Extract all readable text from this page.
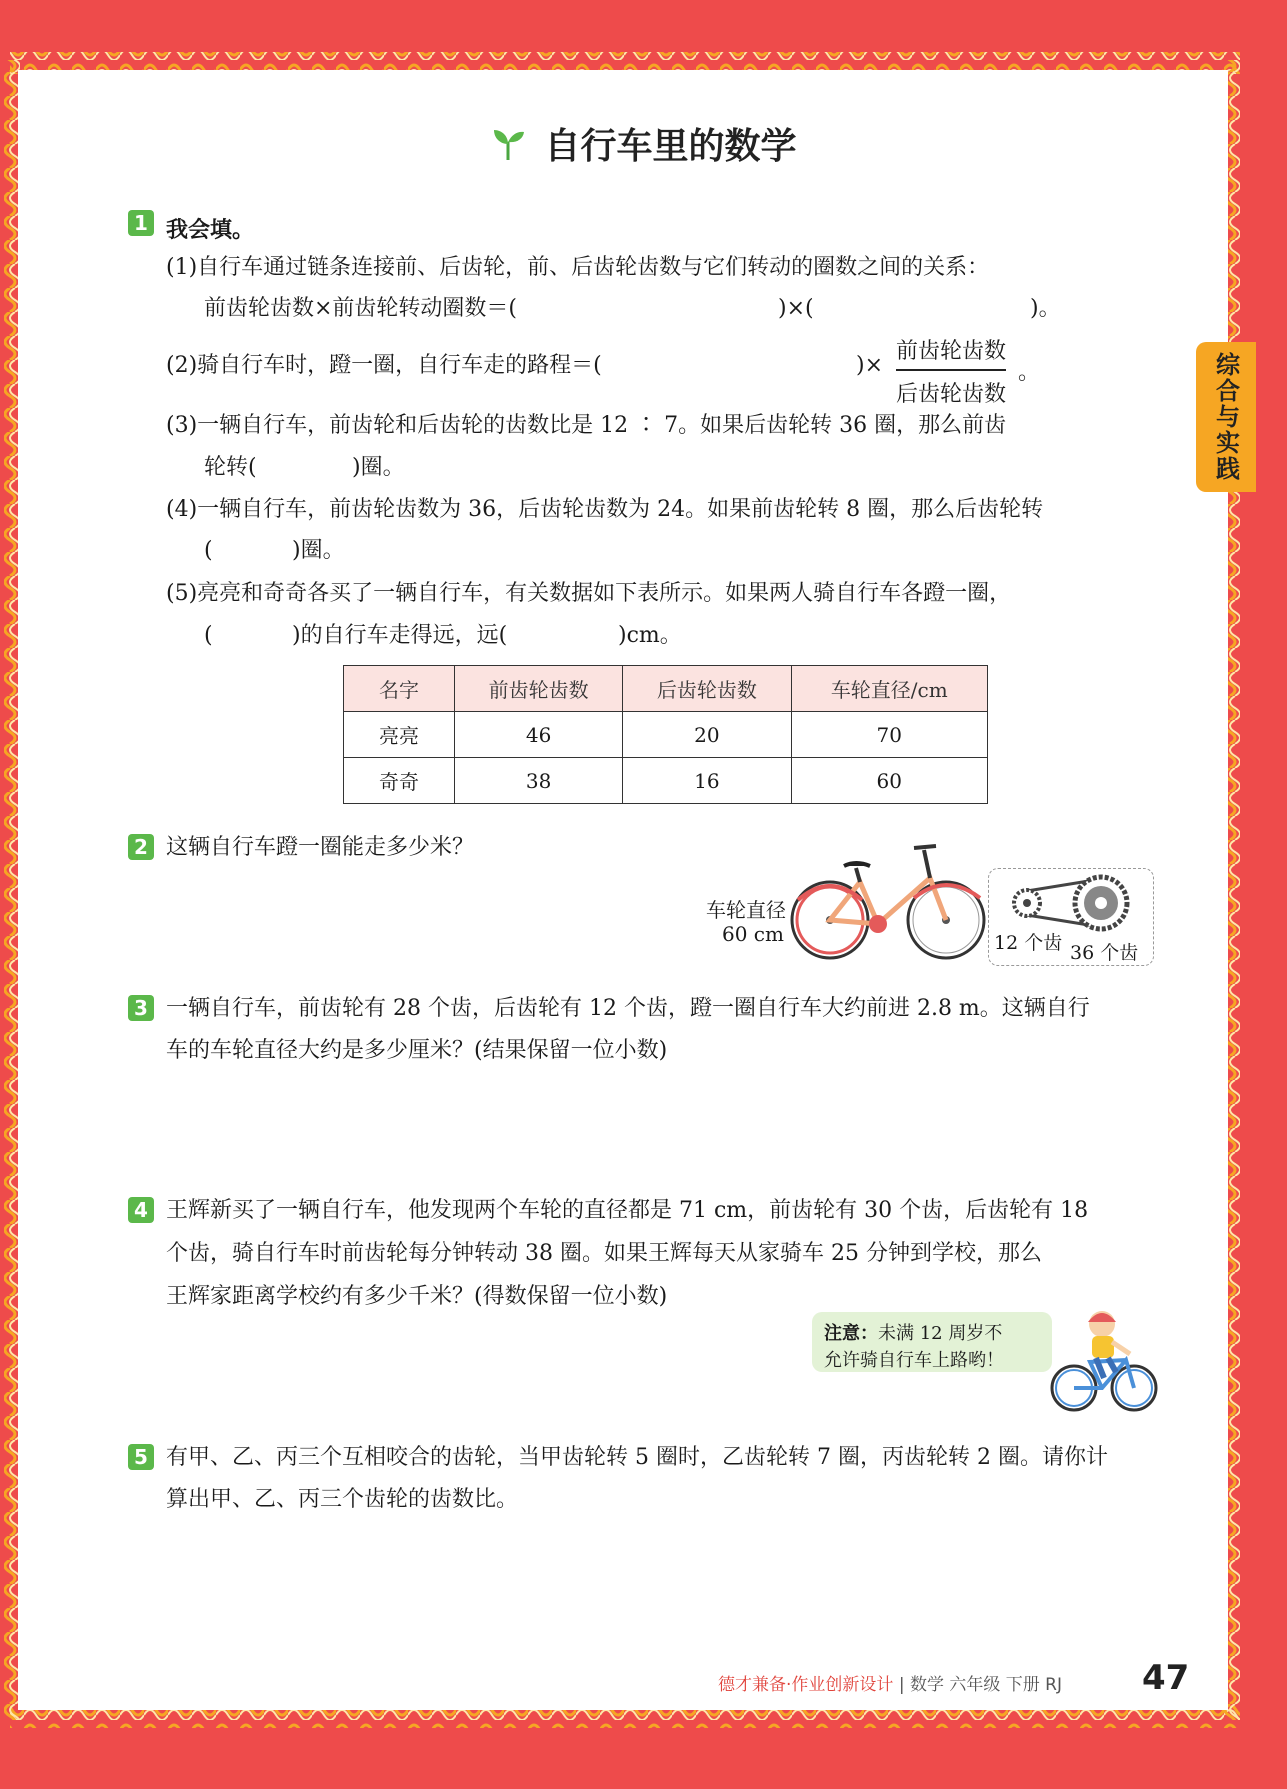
自行车里的数学
综合与实践
1 我会填。
(1)自行车通过链条连接前、后齿轮，前、后齿轮齿数与它们转动的圈数之间的关系：
前齿轮齿数×前齿轮转动圈数＝(	)×(	)。
(2)骑自行车时，蹬一圈，自行车走的路程＝(	)×
前齿轮齿数
后齿轮齿数
。
(3)一辆自行车，前齿轮和后齿轮的齿数比是 12 ∶ 7。如果后齿轮转 36 圈，那么前齿
轮转(	)圈。
(4)一辆自行车，前齿轮齿数为 36，后齿轮齿数为 24。如果前齿轮转 8 圈，那么后齿轮转
(	)圈。
(5)亮亮和奇奇各买了一辆自行车，有关数据如下表所示。如果两人骑自行车各蹬一圈，
(	)的自行车走得远，远(	)cm。
名字	前齿轮齿数	后齿轮齿数	车轮直径/cm
亮亮	46	20	70
奇奇	38	16	60
2 这辆自行车蹬一圈能走多少米？
车轮直径
60 cm	12 个齿 36 个齿
3 一辆自行车，前齿轮有 28 个齿，后齿轮有 12 个齿，蹬一圈自行车大约前进 2.8 m。这辆自行
车的车轮直径大约是多少厘米？(结果保留一位小数)
4 王辉新买了一辆自行车，他发现两个车轮的直径都是 71 cm，前齿轮有 30 个齿，后齿轮有 18
个齿，骑自行车时前齿轮每分钟转动 38 圈。如果王辉每天从家骑车 25 分钟到学校，那么
王辉家距离学校约有多少千米？(得数保留一位小数)
注意：未满 12 周岁不
允许骑自行车上路哟！
5 有甲、乙、丙三个互相咬合的齿轮，当甲齿轮转 5 圈时，乙齿轮转 7 圈，丙齿轮转 2 圈。请你计
算出甲、乙、丙三个齿轮的齿数比。
德才兼备·作业创新设计 | 数学 六年级 下册 RJ 47
